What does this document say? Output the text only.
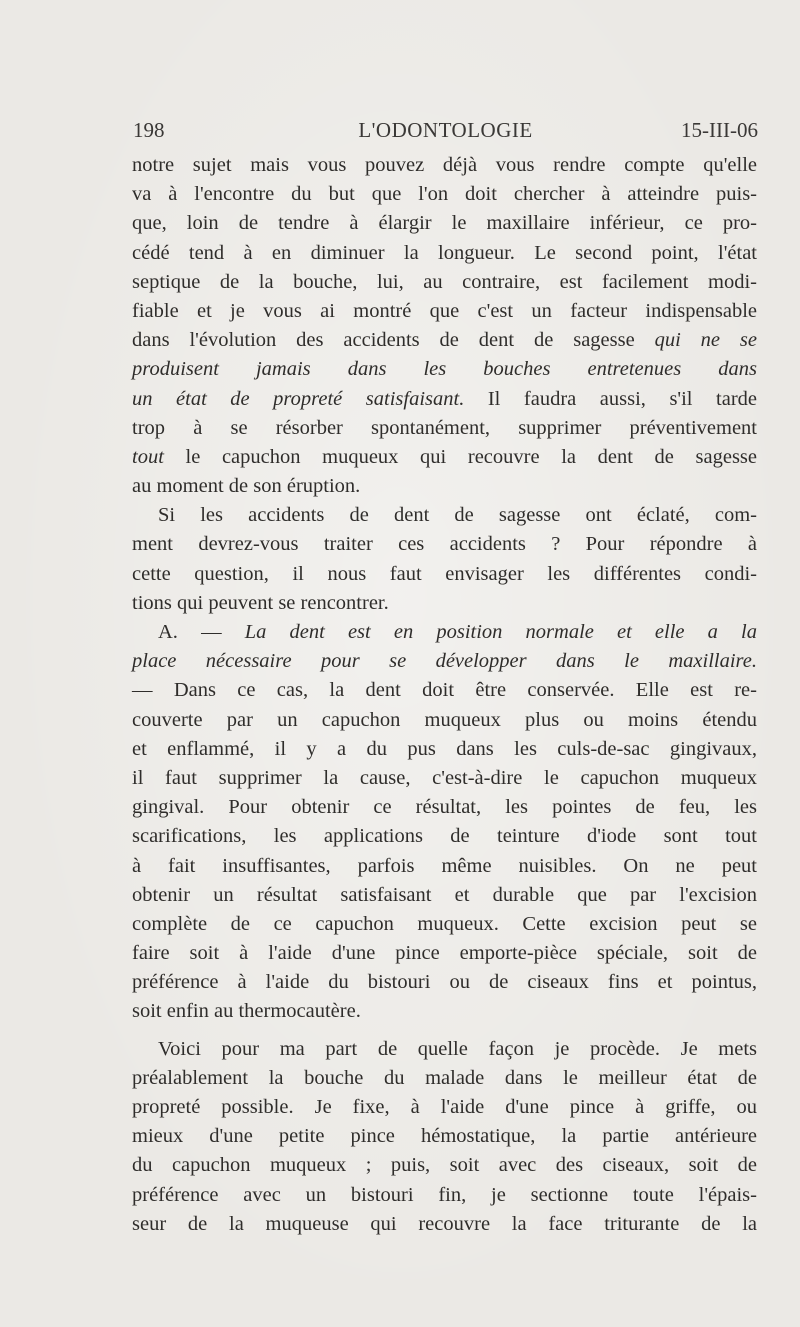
198	L'ODONTOLOGIE	15-III-06
notre sujet mais vous pouvez déjà vous rendre compte qu'elle
va à l'encontre du but que l'on doit chercher à atteindre puis-
que, loin de tendre à élargir le maxillaire inférieur, ce pro-
cédé tend à en diminuer la longueur. Le second point, l'état
septique de la bouche, lui, au contraire, est facilement modi-
fiable et je vous ai montré que c'est un facteur indispensable
dans l'évolution des accidents de dent de sagesse qui ne se
produisent jamais dans les bouches entretenues dans
un état de propreté satisfaisant. Il faudra aussi, s'il tarde
trop à se résorber spontanément, supprimer préventivement
tout le capuchon muqueux qui recouvre la dent de sagesse
au moment de son éruption.
Si les accidents de dent de sagesse ont éclaté, com-
ment devrez-vous traiter ces accidents ? Pour répondre à
cette question, il nous faut envisager les différentes condi-
tions qui peuvent se rencontrer.
A. — La dent est en position normale et elle a la
place nécessaire pour se développer dans le maxillaire.
— Dans ce cas, la dent doit être conservée. Elle est re-
couverte par un capuchon muqueux plus ou moins étendu
et enflammé, il y a du pus dans les culs-de-sac gingivaux,
il faut supprimer la cause, c'est-à-dire le capuchon muqueux
gingival. Pour obtenir ce résultat, les pointes de feu, les
scarifications, les applications de teinture d'iode sont tout
à fait insuffisantes, parfois même nuisibles. On ne peut
obtenir un résultat satisfaisant et durable que par l'excision
complète de ce capuchon muqueux. Cette excision peut se
faire soit à l'aide d'une pince emporte-pièce spéciale, soit de
préférence à l'aide du bistouri ou de ciseaux fins et pointus,
soit enfin au thermocautère.
Voici pour ma part de quelle façon je procède. Je mets
préalablement la bouche du malade dans le meilleur état de
propreté possible. Je fixe, à l'aide d'une pince à griffe, ou
mieux d'une petite pince hémostatique, la partie antérieure
du capuchon muqueux ; puis, soit avec des ciseaux, soit de
préférence avec un bistouri fin, je sectionne toute l'épais-
seur de la muqueuse qui recouvre la face triturante de la
